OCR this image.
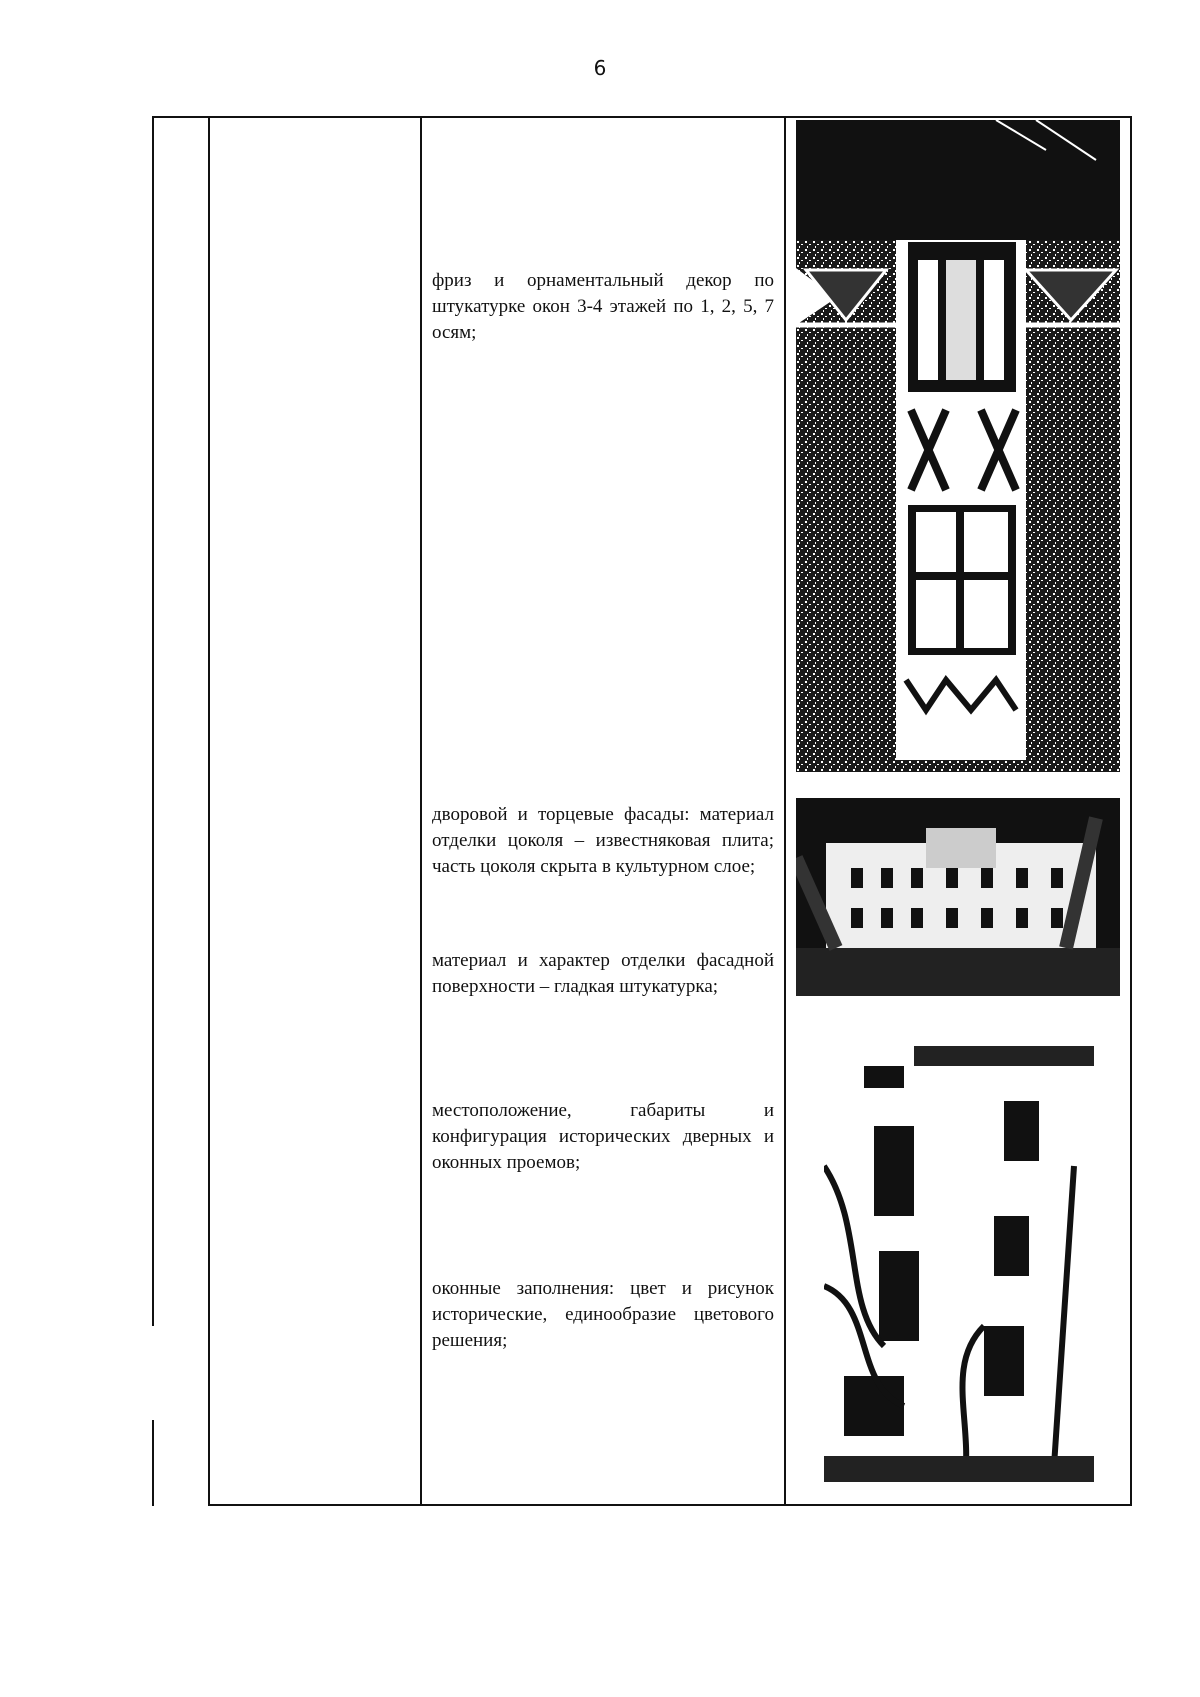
6
фриз и орнаментальный декор по штукатурке окон 3-4 этажей по 1, 2, 5, 7 осям;
дворовой и торцевые фасады: материал отделки цоколя – известняковая плита; часть цоколя скрыта в культурном слое;
материал и характер отделки фасадной поверхности – гладкая штукатурка;
местоположение, габариты и конфигурация исторических дверных и оконных проемов;
оконные заполнения: цвет и рисунок исторические, единообразие цветового решения;
